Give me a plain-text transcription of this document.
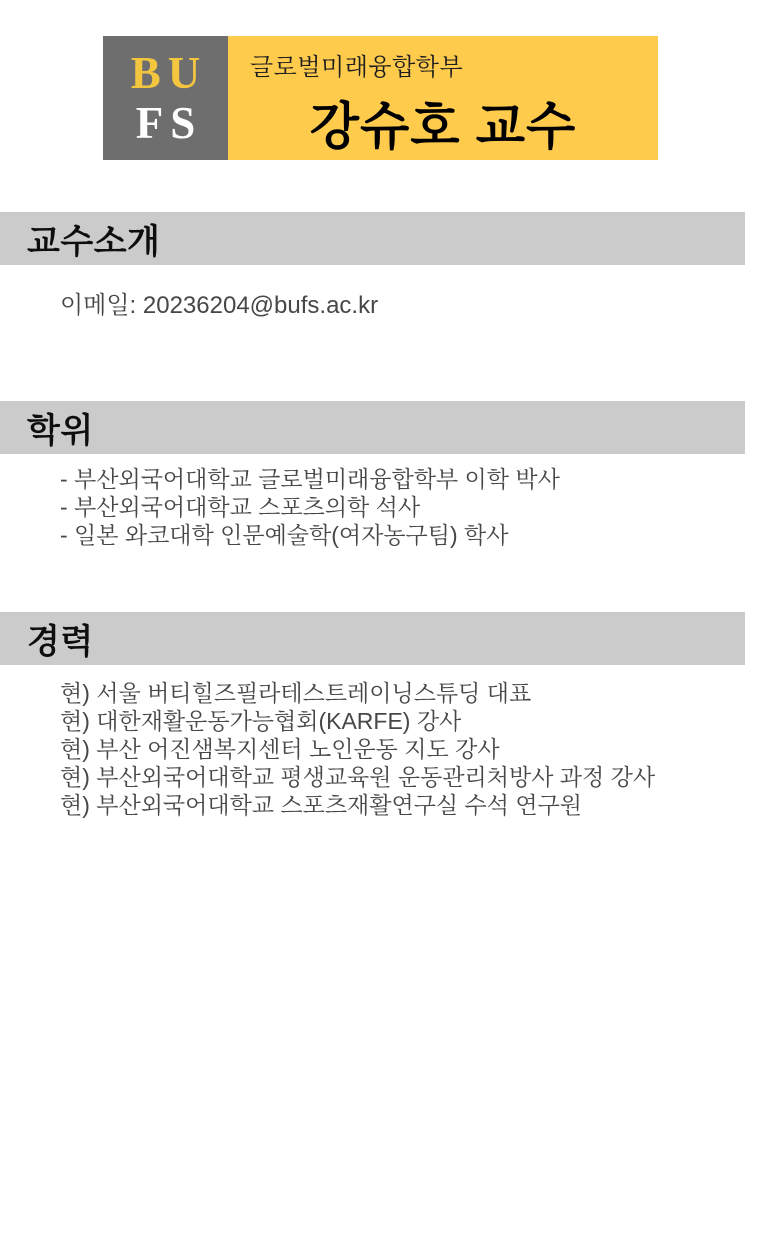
BU
FS
글로벌미래융합학부
강슈호 교수
교수소개
이메일: 20236204@bufs.ac.kr
학위
- 부산외국어대학교 글로벌미래융합학부 이학 박사
- 부산외국어대학교 스포츠의학 석사
- 일본 와코대학 인문예술학(여자농구팀) 학사
경력
현) 서울 버티힐즈필라테스트레이닝스튜딩 대표
현) 대한재활운동가능협회(KARFE) 강사
현) 부산 어진샘복지센터 노인운동 지도 강사
현) 부산외국어대학교 평생교육원 운동관리처방사 과정 강사
현) 부산외국어대학교 스포츠재활연구실 수석 연구원
